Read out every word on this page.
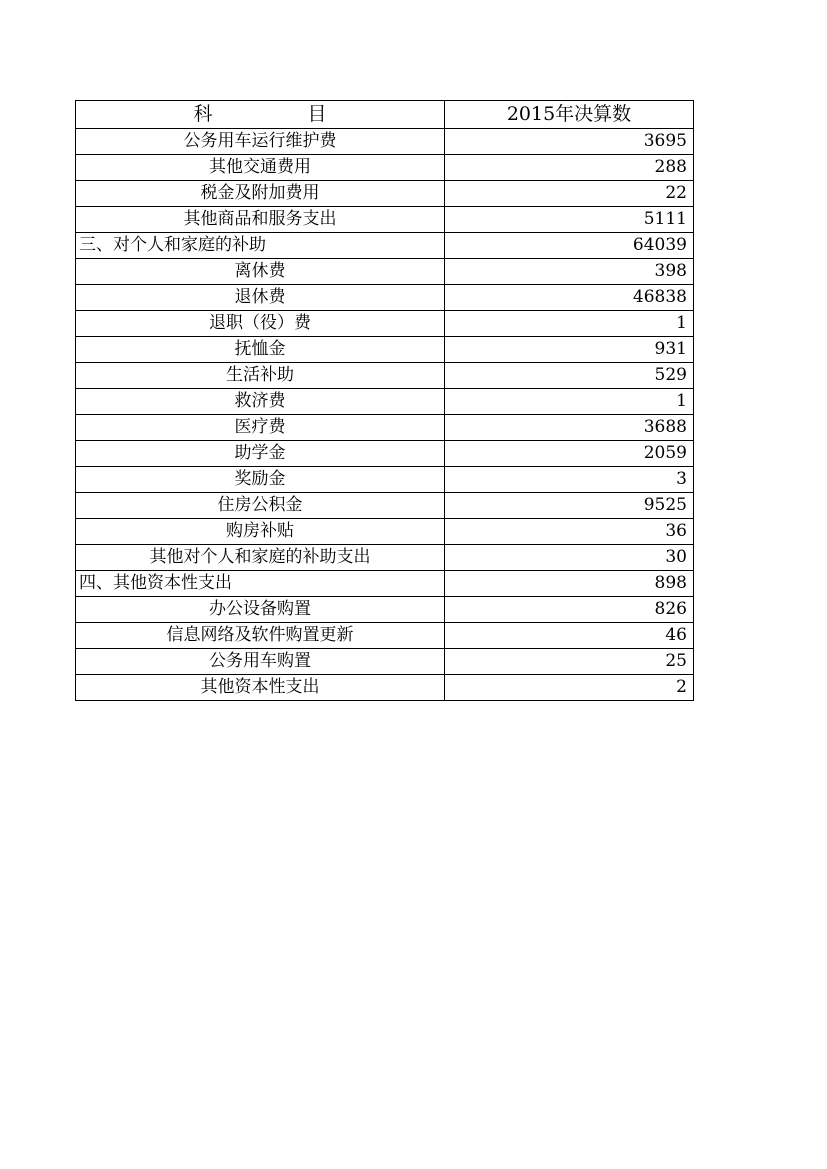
科　目	2015年决算数
公务用车运行维护费	3695
其他交通费用	288
税金及附加费用	22
其他商品和服务支出	5111
三、对个人和家庭的补助	64039
离休费	398
退休费	46838
退职（役）费	1
抚恤金	931
生活补助	529
救济费	1
医疗费	3688
助学金	2059
奖励金	3
住房公积金	9525
购房补贴	36
其他对个人和家庭的补助支出	30
四、其他资本性支出	898
办公设备购置	826
信息网络及软件购置更新	46
公务用车购置	25
其他资本性支出	2
